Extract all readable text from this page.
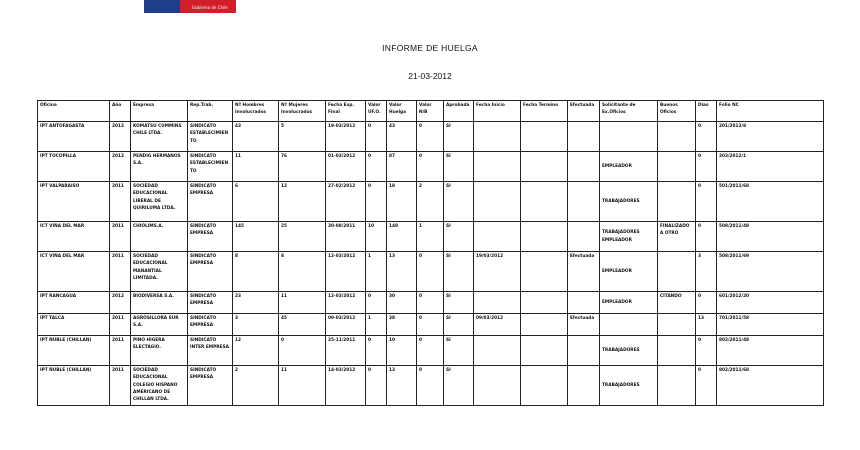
Gobierno de Chile
INFORME DE HUELGA
21-03-2012
Oficina	Año	Empresa	Rep.Trab.	Nº Hombres Involucrados	Nº Mujeres Involucrados	Fecha Exp. Final	Valor UF.O.	Valor Huelga	Valor N/B	Aprobada	Fecha Inicio	Fecha Termino	Efectuada	Solicitante de Ex.Oficios	Buenos Oficios	Días	Folio NC
IPT ANTOFAGASTA	2012	KOMATSU CUMMINS CHILE LTDA.	SINDICATO ESTABLECIMIENTO	43	5	19-03/2012	0	43	0	SI						0	201/2012/8
IPT TOCOPILLA	2012	PENDIG HERMANOS S.A.	SINDICATO ESTABLECIMIENTO	11	76	01-03/2012	0	87	0	SI				EMPLEADOR		0	203/2012/1
IPT VALPARAISO	2011	SOCIEDAD EDUCACIONAL LIBERAL DE QUIRILUMA LTDA.	SINDICATO EMPRESA	6	12	27-02/2012	0	18	2	SI				TRABAJADORES		0	501/2011/68
ICT VIÑA DEL MAR	2011	CHIOLIMS.A.	SINDICATO EMPRESA	145	25	30-08/2011	10	148	1	SI				TRABAJADORES EMPLEADOR	FINALIZADO A OTRO	0	508/2011/48
ICT VIÑA DEL MAR	2011	SOCIEDAD EDUCACIONAL MANANTIAL LIMITADA.	SINDICATO EMPRESA	8	8	12-03/2012	1	13	0	SI	19/03/2012		Efectuada	EMPLEADOR		3	508/2011/69
IPT RANCAGUA	2012	BIODIVERSA S.A.	SINDICATO EMPRESA	23	11	12-03/2012	0	30	0	SI				EMPLEADOR	CITANDO	0	601/2012/20
IPT TALCA	2011	AGROSILLORA SUR S.A.	SINDICATO EMPRESA	3	45	09-03/2012	1	38	0	SI	09/03/2012		Efectuada			13	701/2011/58
IPT ÑUBLE (CHILLAN)	2011	PINO HIGERA ELECTAGIO.	SINDICATO INTER EMPRESA	12	0	25-11/2011	0	10	0	SI				TRABAJADORES		0	802/2011/48
IPT ÑUBLE (CHILLAN)	2011	SOCIEDAD EDUCACIONAL COLEGIO HISPANO AMERICANO DE CHILLAN LTDA.	SINDICATO EMPRESA	2	11	14-03/2012	0	13	0	SI				TRABAJADORES		0	802/2011/68
